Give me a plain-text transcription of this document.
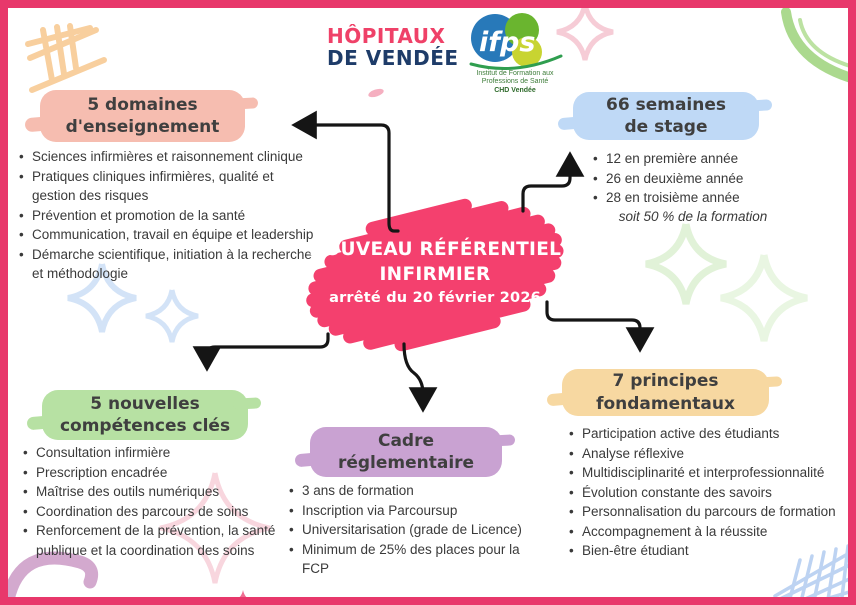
HÔPITAUX
DE VENDÉE ifps
Institut de Formation aux
Professions de Santé
CHD Vendée
NOUVEAU RÉFÉRENTIEL
INFIRMIER
arrêté du 20 février 2026
5 domaines
d'enseignement
• Sciences infirmières et raisonnement clinique
• Pratiques cliniques infirmières, qualité et gestion des risques
• Prévention et promotion de la santé
• Communication, travail en équipe et leadership
• Démarche scientifique, initiation à la recherche et méthodologie
66 semaines
de stage
• 12 en première année
• 26 en deuxième année
• 28 en troisième année
soit 50 % de la formation
5 nouvelles
compétences clés
• Consultation infirmière
• Prescription encadrée
• Maîtrise des outils numériques
• Coordination des parcours de soins
• Renforcement de la prévention, la santé publique et la coordination des soins
Cadre
réglementaire
• 3 ans de formation
• Inscription via Parcoursup
• Universitarisation (grade de Licence)
• Minimum de 25% des places pour la FCP
7 principes
fondamentaux
• Participation active des étudiants
• Analyse réflexive
• Multidisciplinarité et interprofessionnalité
• Évolution constante des savoirs
• Personnalisation du parcours de formation
• Accompagnement à la réussite
• Bien-être étudiant
